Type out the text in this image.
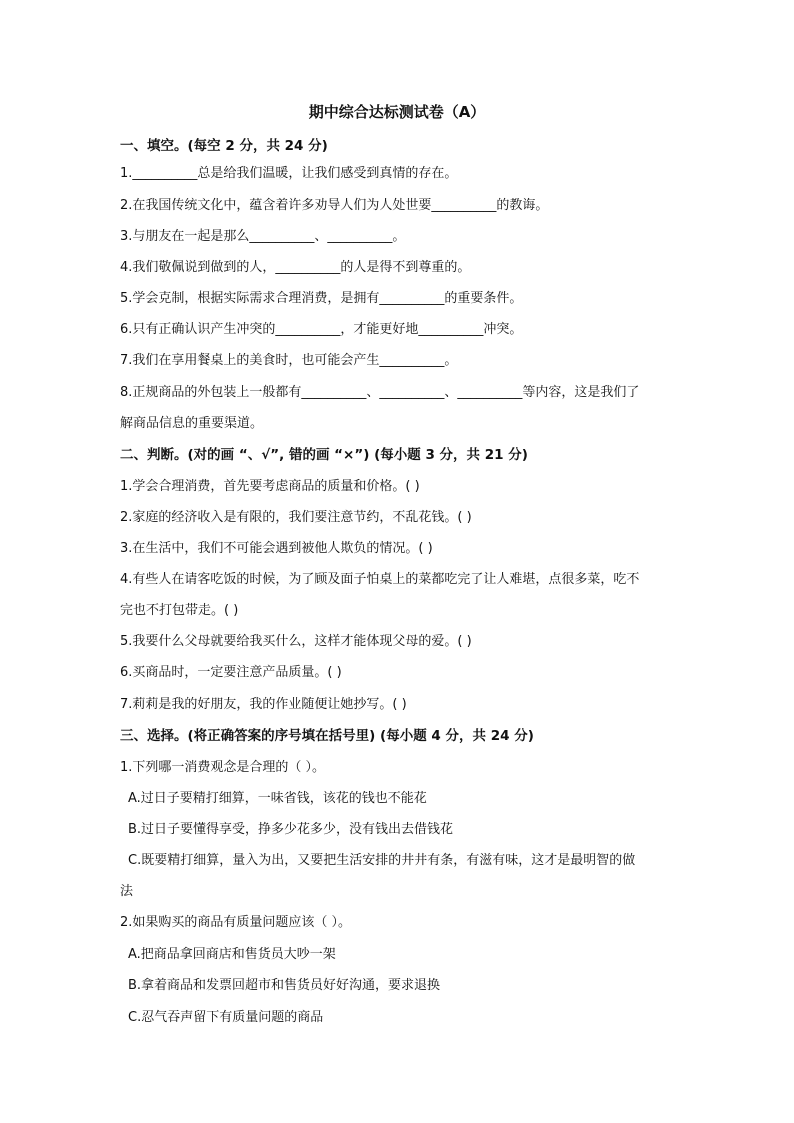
期中综合达标测试卷（A）
一、填空。(每空 2 分，共 24 分)
1.__________总是给我们温暖，让我们感受到真情的存在。
2.在我国传统文化中，蕴含着许多劝导人们为人处世要__________的教诲。
3.与朋友在一起是那么__________、__________。
4.我们敬佩说到做到的人，__________的人是得不到尊重的。
5.学会克制，根据实际需求合理消费，是拥有__________的重要条件。
6.只有正确认识产生冲突的__________，才能更好地__________冲突。
7.我们在享用餐桌上的美食时，也可能会产生__________。
8.正规商品的外包装上一般都有__________、__________、__________等内容，这是我们了
解商品信息的重要渠道。
二、判断。(对的画 “、√”, 错的画 “×”) (每小题 3 分，共 21 分)
1.学会合理消费，首先要考虑商品的质量和价格。( )
2.家庭的经济收入是有限的，我们要注意节约，不乱花钱。( )
3.在生活中，我们不可能会遇到被他人欺负的情况。( )
4.有些人在请客吃饭的时候，为了顾及面子怕桌上的菜都吃完了让人难堪，点很多菜，吃不
完也不打包带走。( )
5.我要什么父母就要给我买什么，这样才能体现父母的爱。( )
6.买商品时，一定要注意产品质量。( )
7.莉莉是我的好朋友，我的作业随便让她抄写。( )
三、选择。(将正确答案的序号填在括号里) (每小题 4 分，共 24 分)
1.下列哪一消费观念是合理的（ ）。
A.过日子要精打细算，一味省钱，该花的钱也不能花
B.过日子要懂得享受，挣多少花多少，没有钱出去借钱花
C.既要精打细算，量入为出，又要把生活安排的井井有条，有滋有味，这才是最明智的做
法
2.如果购买的商品有质量问题应该（ ）。
A.把商品拿回商店和售货员大吵一架
B.拿着商品和发票回超市和售货员好好沟通，要求退换
C.忍气吞声留下有质量问题的商品
